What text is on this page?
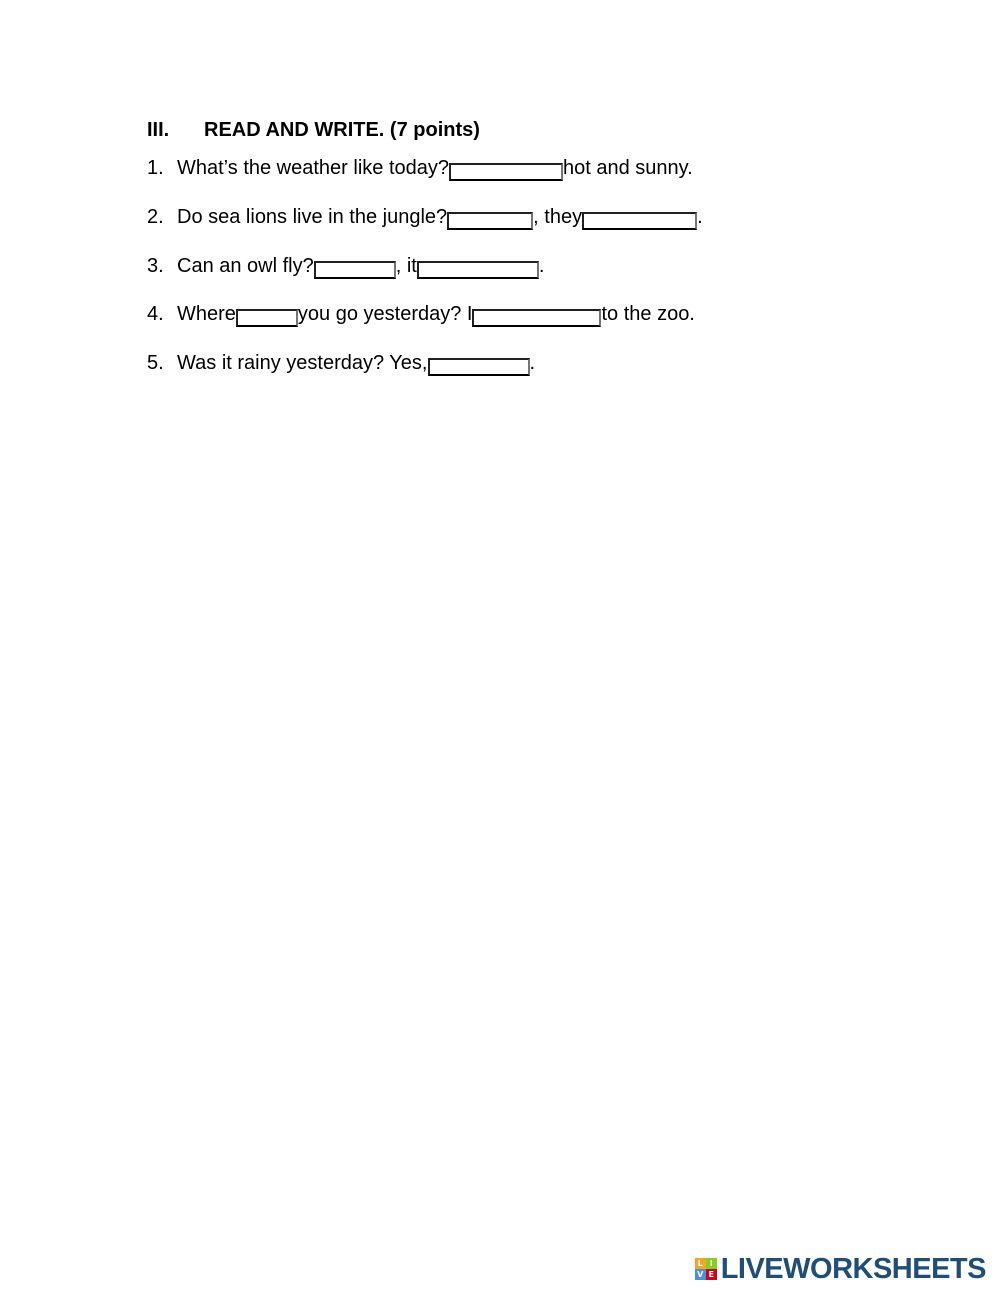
III. READ AND WRITE. (7 points)
1. What’s the weather like today?	hot and sunny.
2. Do sea lions live in the jungle?	, they	.
3. Can an owl fly?	, it	.
4. Where	you go yesterday? I	to the zoo.
5. Was it rainy yesterday? Yes,	.
L I
V E LIVEWORKSHEETS
